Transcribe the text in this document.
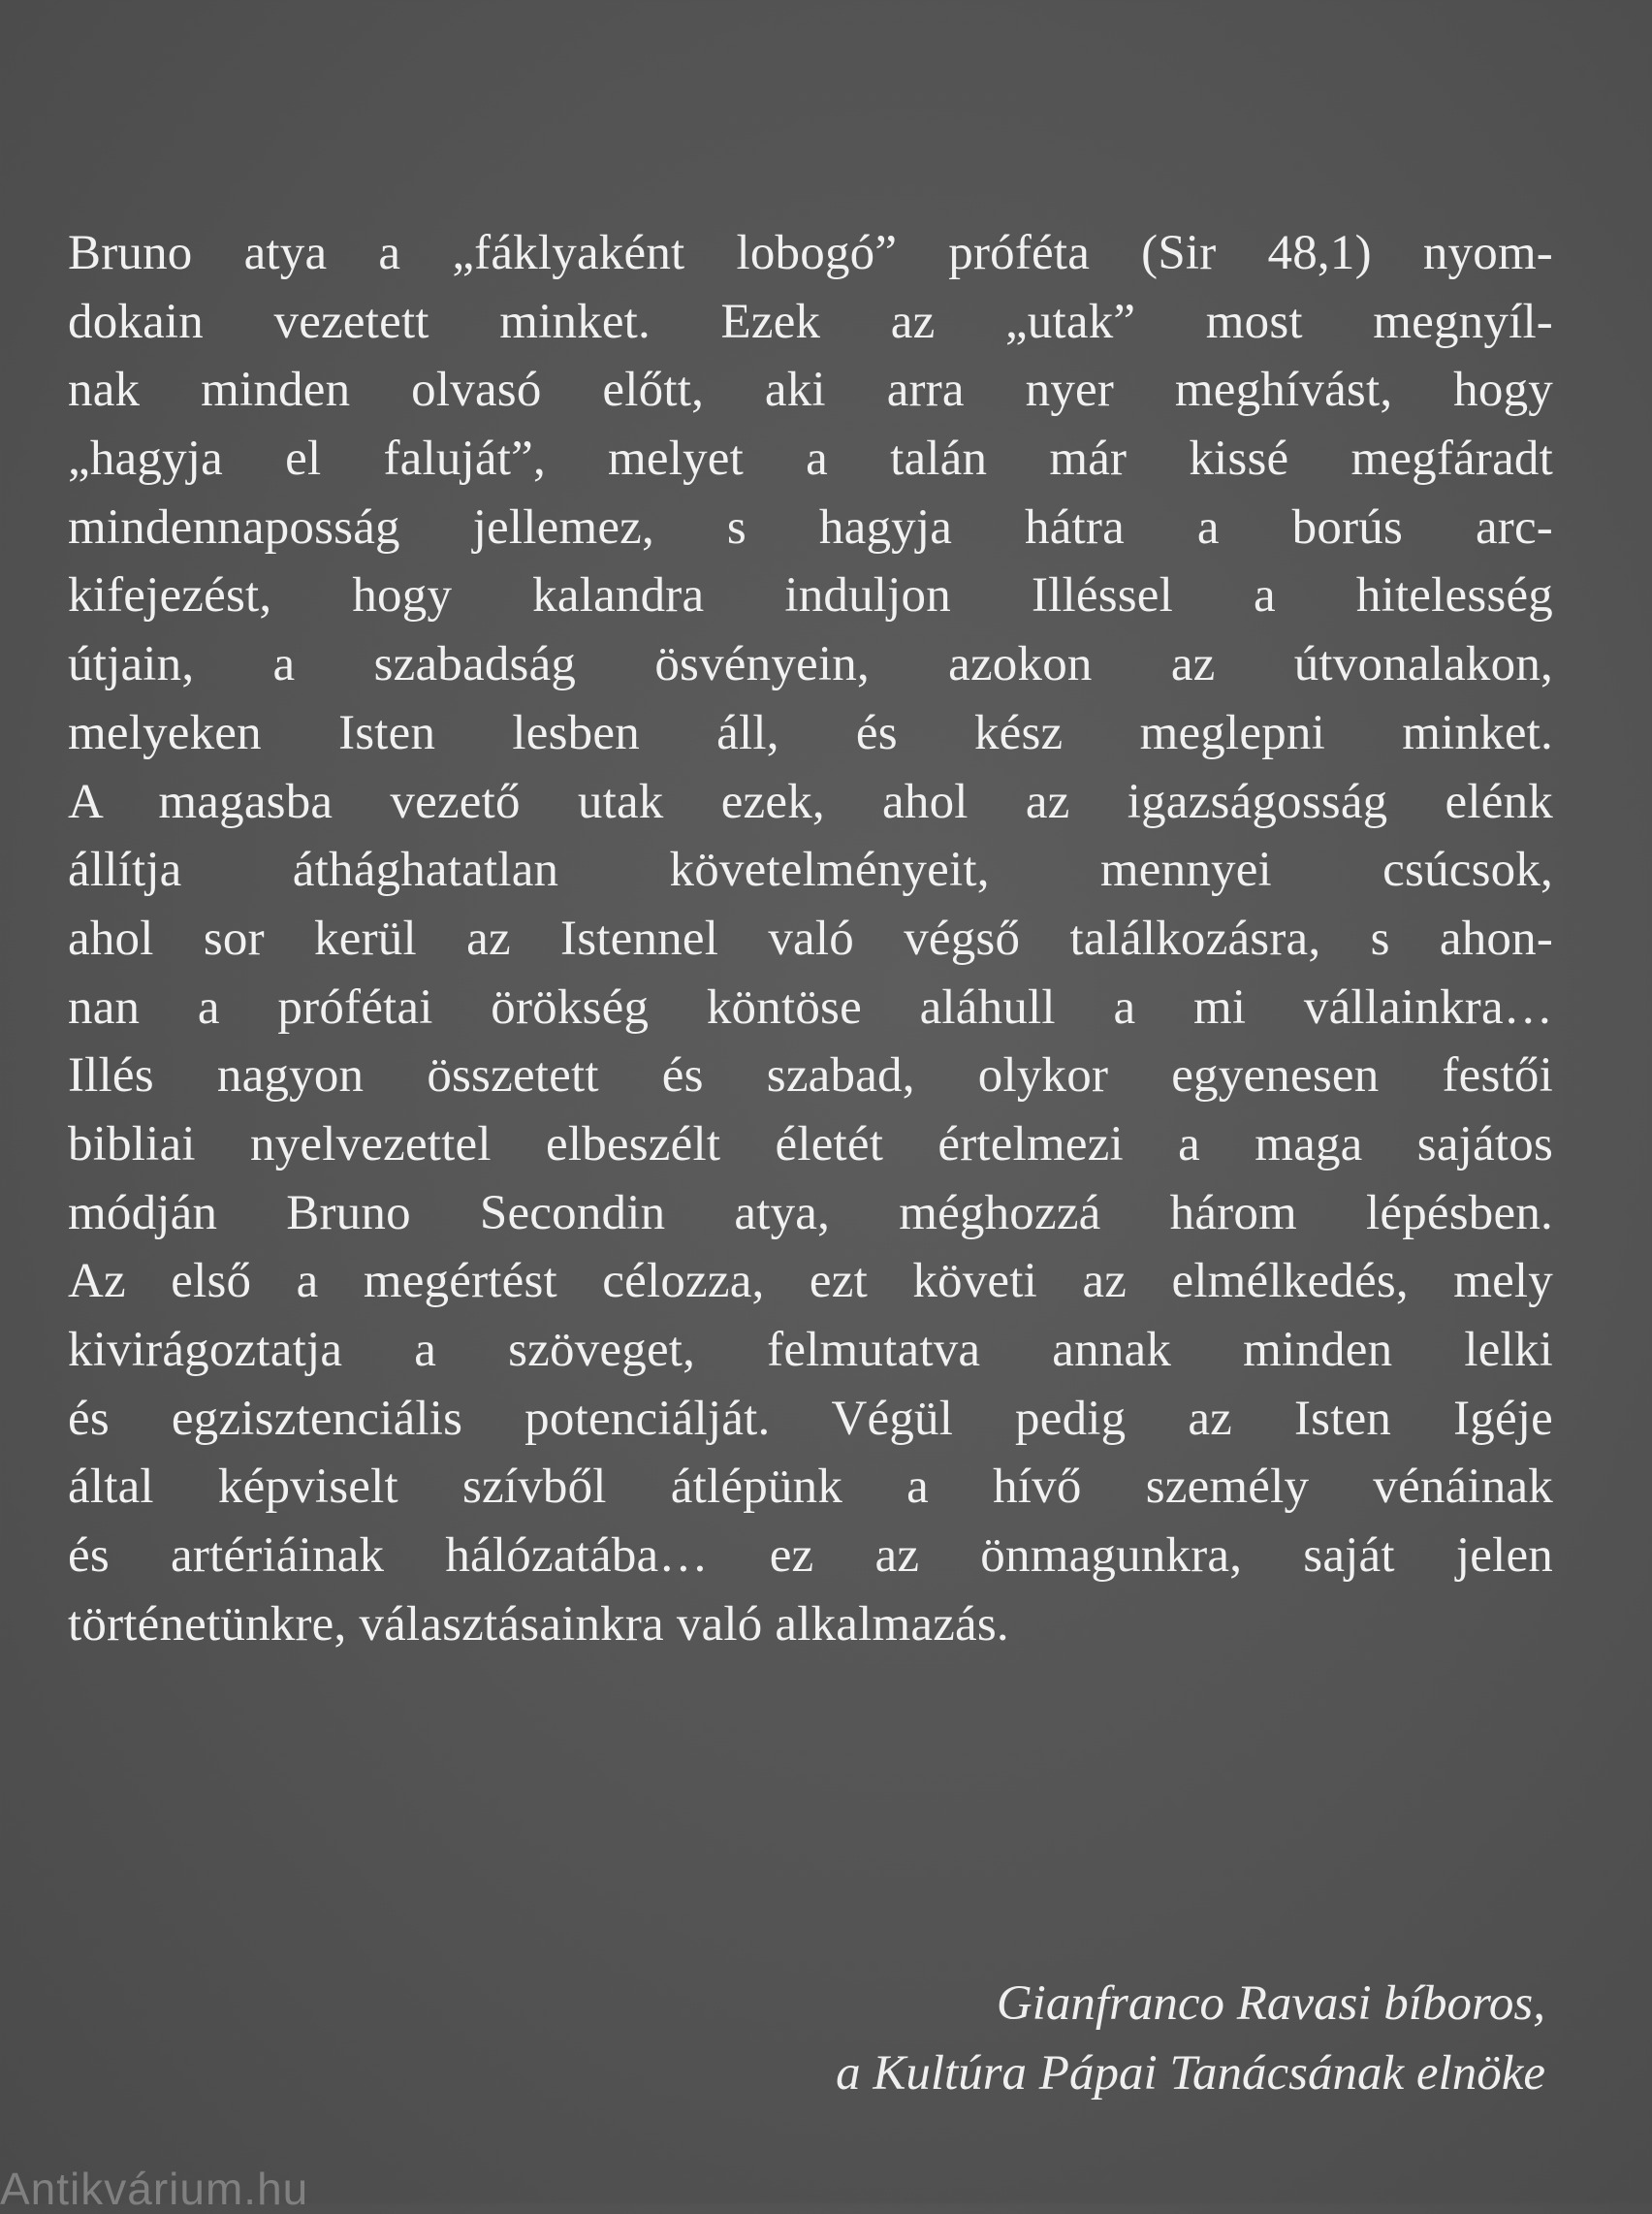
Bruno atya a „fáklyaként lobogó” próféta (Sir 48,1) nyom-
dokain vezetett minket. Ezek az „utak” most megnyíl-
nak minden olvasó előtt, aki arra nyer meghívást, hogy
„hagyja el faluját”, melyet a talán már kissé megfáradt
mindennaposság jellemez, s hagyja hátra a borús arc-
kifejezést, hogy kalandra induljon Illéssel a hitelesség
útjain, a szabadság ösvényein, azokon az útvonalakon,
melyeken Isten lesben áll, és kész meglepni minket.
A magasba vezető utak ezek, ahol az igazságosság elénk
állítja áthághatatlan követelményeit, mennyei csúcsok,
ahol sor kerül az Istennel való végső találkozásra, s ahon-
nan a prófétai örökség köntöse aláhull a mi vállainkra…
Illés nagyon összetett és szabad, olykor egyenesen festői
bibliai nyelvezettel elbeszélt életét értelmezi a maga sajátos
módján Bruno Secondin atya, méghozzá három lépésben.
Az első a megértést célozza, ezt követi az elmélkedés, mely
kivirágoztatja a szöveget, felmutatva annak minden lelki
és egzisztenciális potenciálját. Végül pedig az Isten Igéje
által képviselt szívből átlépünk a hívő személy vénáinak
és artériáinak hálózatába… ez az önmagunkra, saját jelen
történetünkre, választásainkra való alkalmazás.
Gianfranco Ravasi bíboros,
a Kultúra Pápai Tanácsának elnöke
Antikvárium.hu
